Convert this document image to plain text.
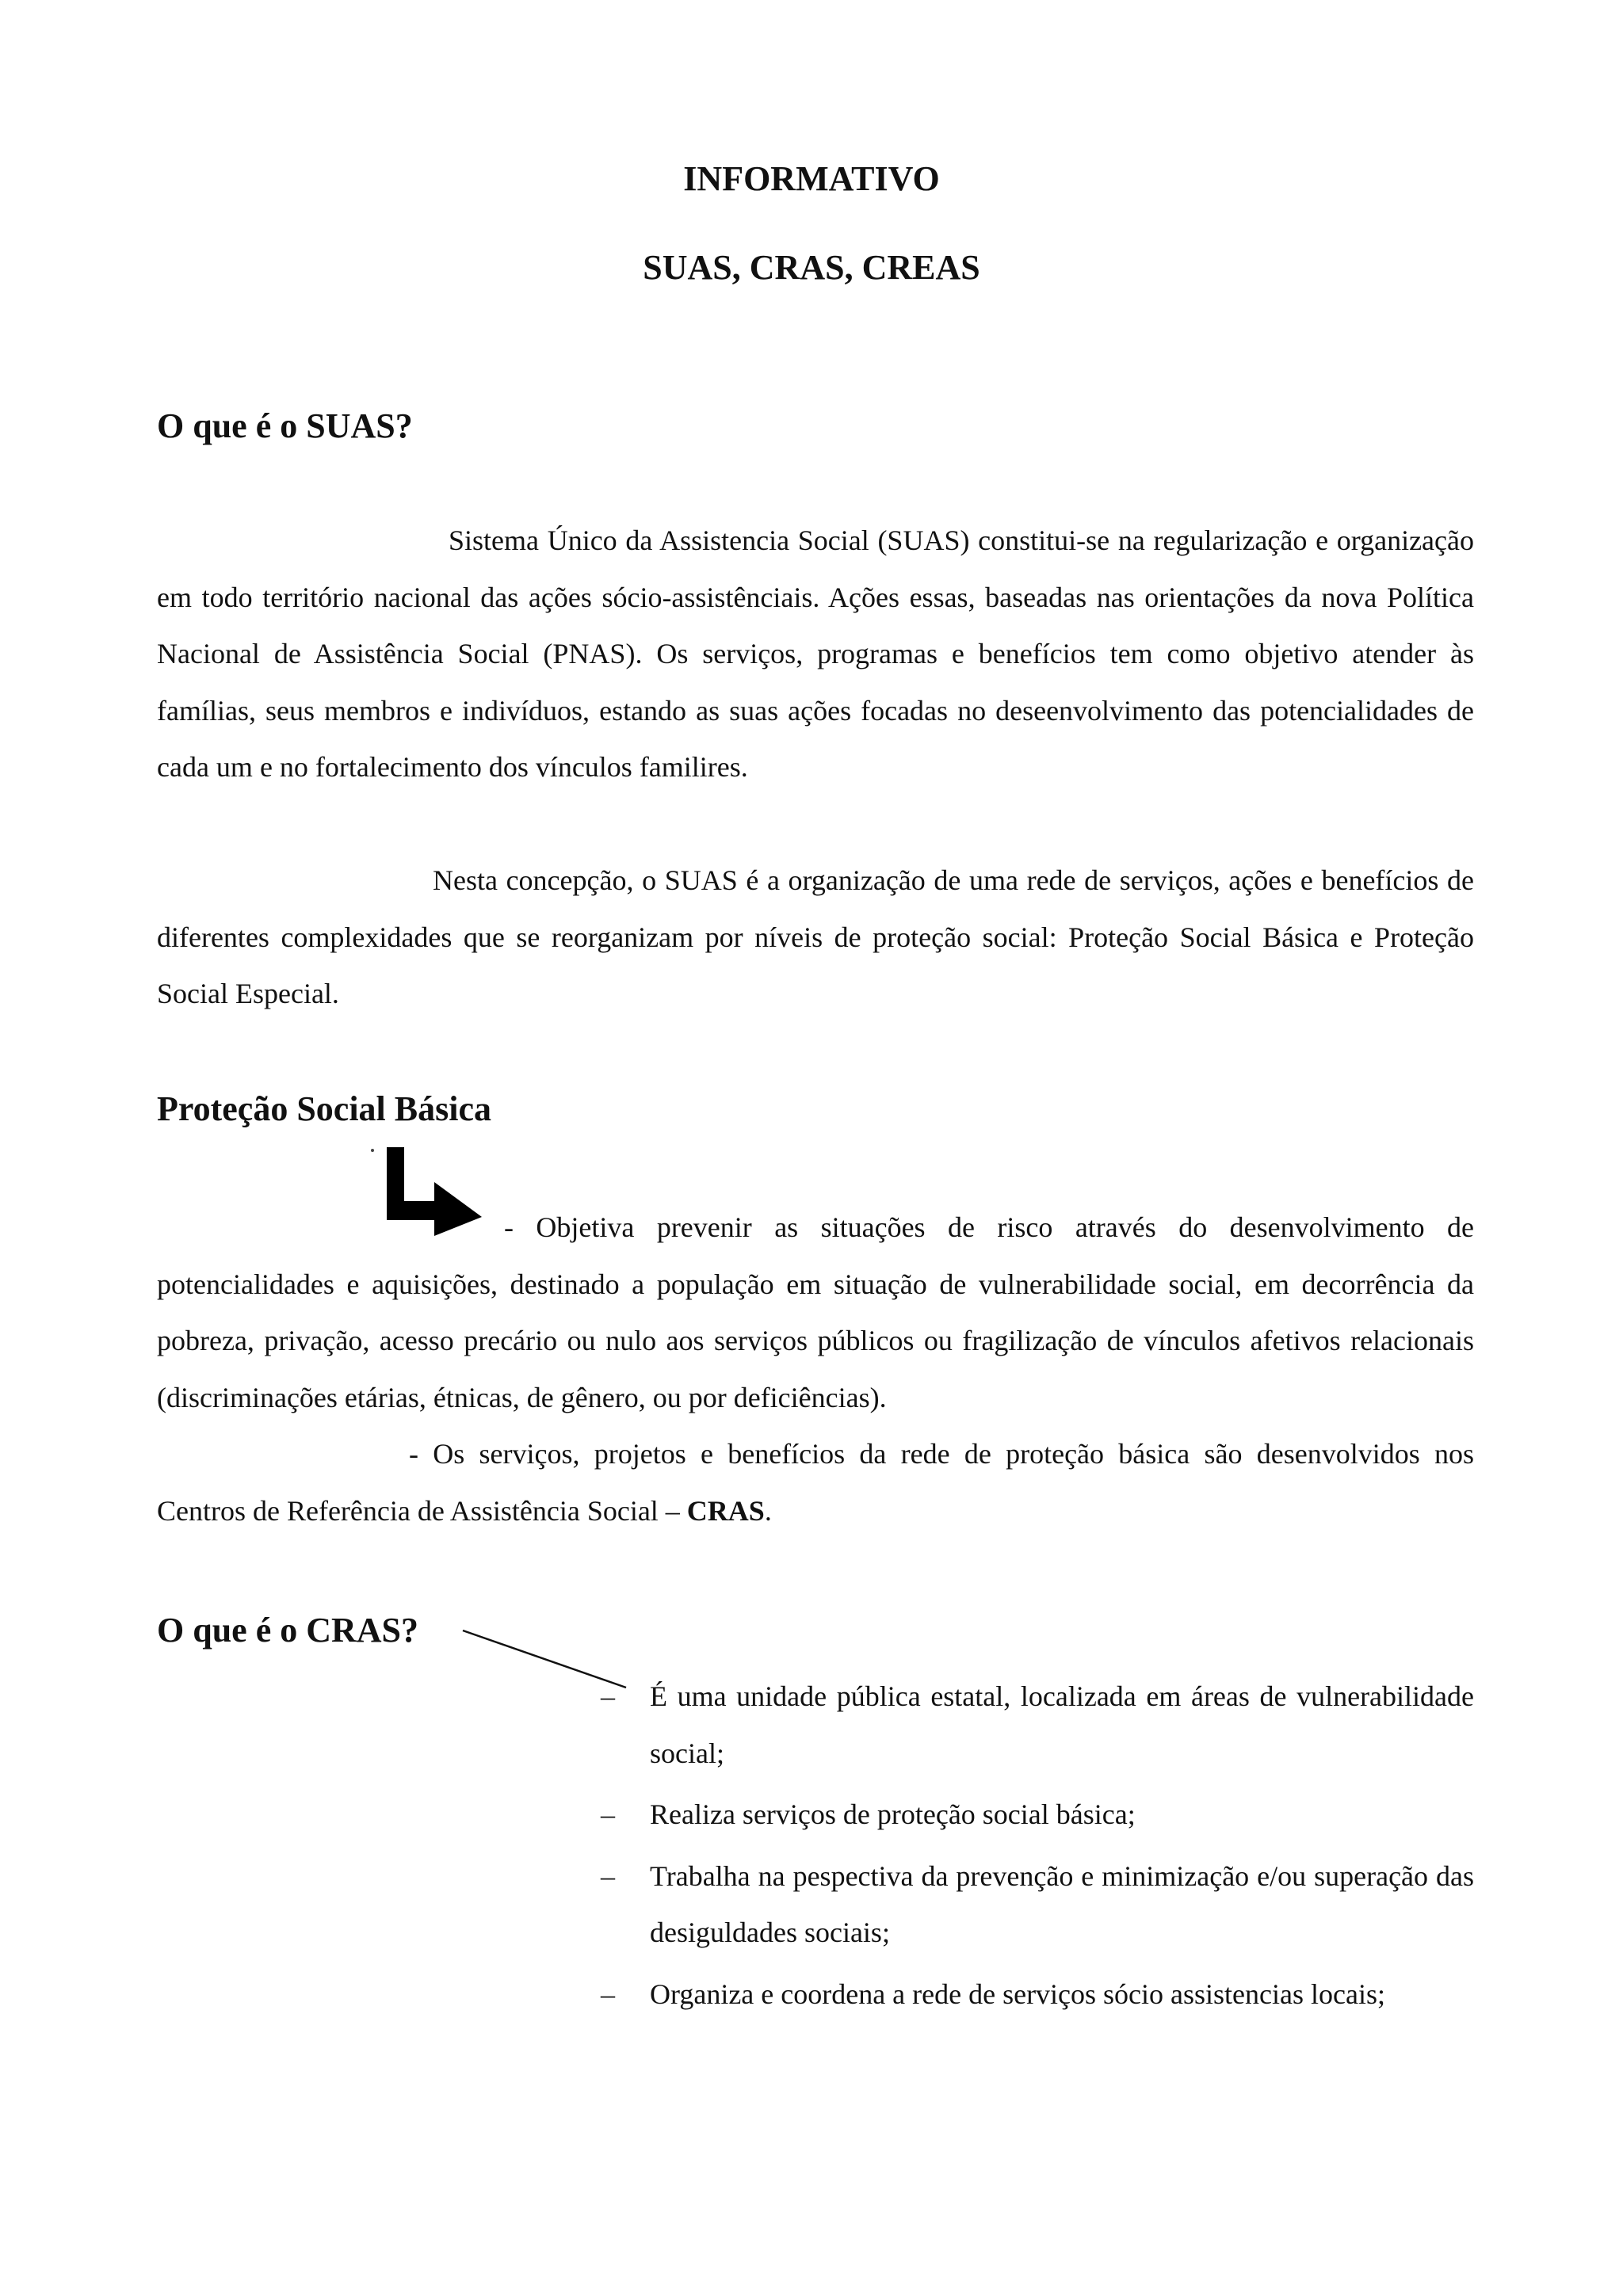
INFORMATIVO
SUAS, CRAS, CREAS
O que é o SUAS?

Sistema Único da Assistencia Social (SUAS) constitui-se na regularização e organização em todo território nacional das ações sócio-assistênciais. Ações essas, baseadas nas orientações da nova Política Nacional de Assistência Social (PNAS). Os serviços, programas e benefícios tem como objetivo atender às famílias, seus membros e indivíduos, estando as suas ações focadas no deseenvolvimento das potencialidades de cada um e no fortalecimento dos vínculos familires.

Nesta concepção, o SUAS é a organização de uma rede de serviços, ações e benefícios de diferentes complexidades que se reorganizam por níveis de proteção social: Proteção Social Básica e Proteção Social Especial.

Proteção Social Básica

- Objetiva prevenir as situações de risco através do desenvolvimento de potencialidades e aquisições, destinado a população em situação de vulnerabilidade social, em decorrência da pobreza, privação, acesso precário ou nulo aos serviços públicos ou fragilização de vínculos afetivos relacionais (discriminações etárias, étnicas, de gênero, ou por deficiências).

- Os serviços, projetos e benefícios da rede de proteção básica são desenvolvidos nos Centros de Referência de Assistência Social – CRAS.

O que é o CRAS?
–	É uma unidade pública estatal, localizada em áreas de vulnerabilidade social;
–	Realiza serviços de proteção social básica;
–	Trabalha na pespectiva da prevenção e minimização e/ou superação das desiguldades sociais;
–	Organiza e coordena a rede de serviços sócio assistencias locais;
